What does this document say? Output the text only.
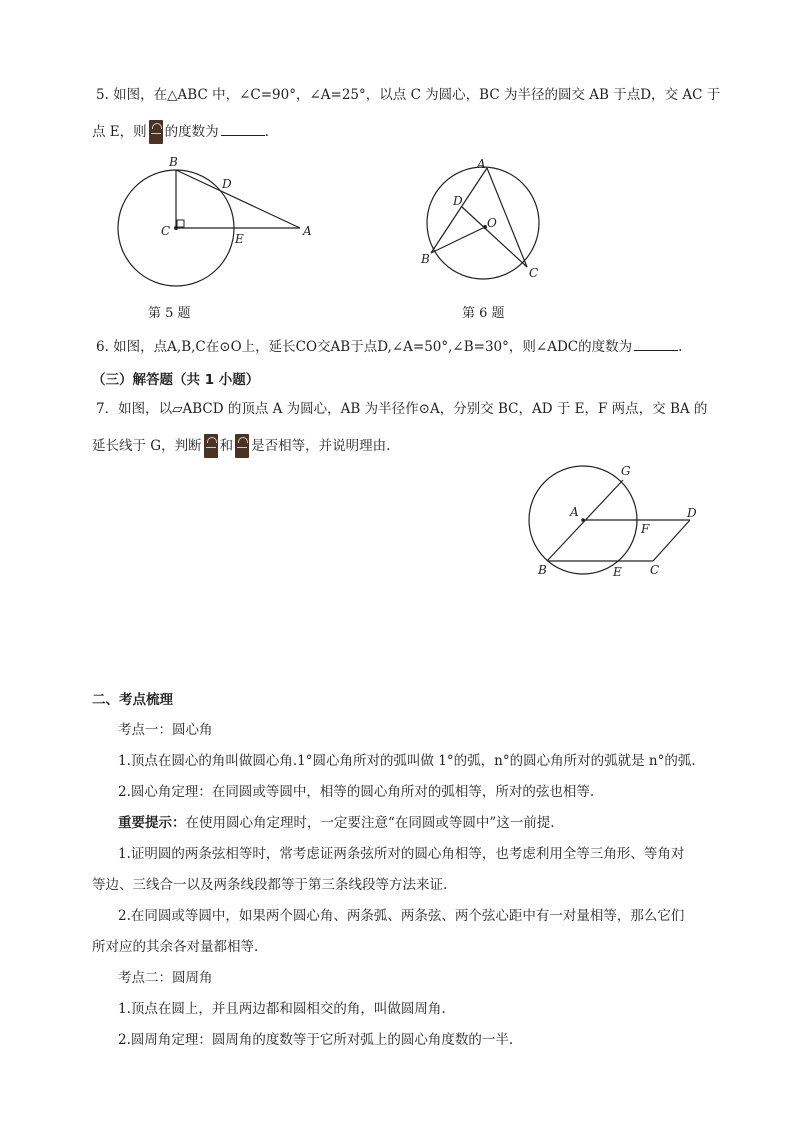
5. 如图，在△ABC 中，∠C=90°，∠A=25°，以点 C 为圆心，BC 为半径的圆交 AB 于点D，交 AC 于
点 E，则 的度数为	.
B
C
D
E
A
第 5 题
A
D
O
B
C
第 6 题
6. 如图，点A,B,C在⊙O上，延长CO交AB于点D,∠A=50°,∠B=30°，则∠ADC的度数为	.
（三）解答题（共 1 小题）
7．如图，以▱ABCD 的顶点 A 为圆心，AB 为半径作⊙A，分别交 BC，AD 于 E，F 两点，交 BA 的
延长线于 G，判断 和 是否相等，并说明理由.
G
A	D
F
B	E C
二、考点梳理
考点一：圆心角
1.顶点在圆心的角叫做圆心角.1°圆心角所对的弧叫做 1°的弧，n°的圆心角所对的弧就是 n°的弧.
2.圆心角定理：在同圆或等圆中，相等的圆心角所对的弧相等，所对的弦也相等.
重要提示：在使用圆心角定理时，一定要注意“在同圆或等圆中”这一前提.
1.证明圆的两条弦相等时，常考虑证两条弦所对的圆心角相等，也考虑利用全等三角形、等角对
等边、三线合一以及两条线段都等于第三条线段等方法来证.
2.在同圆或等圆中，如果两个圆心角、两条弧、两条弦、两个弦心距中有一对量相等，那么它们
所对应的其余各对量都相等.
考点二：圆周角
1.顶点在圆上，并且两边都和圆相交的角，叫做圆周角.
2.圆周角定理：圆周角的度数等于它所对弧上的圆心角度数的一半.
